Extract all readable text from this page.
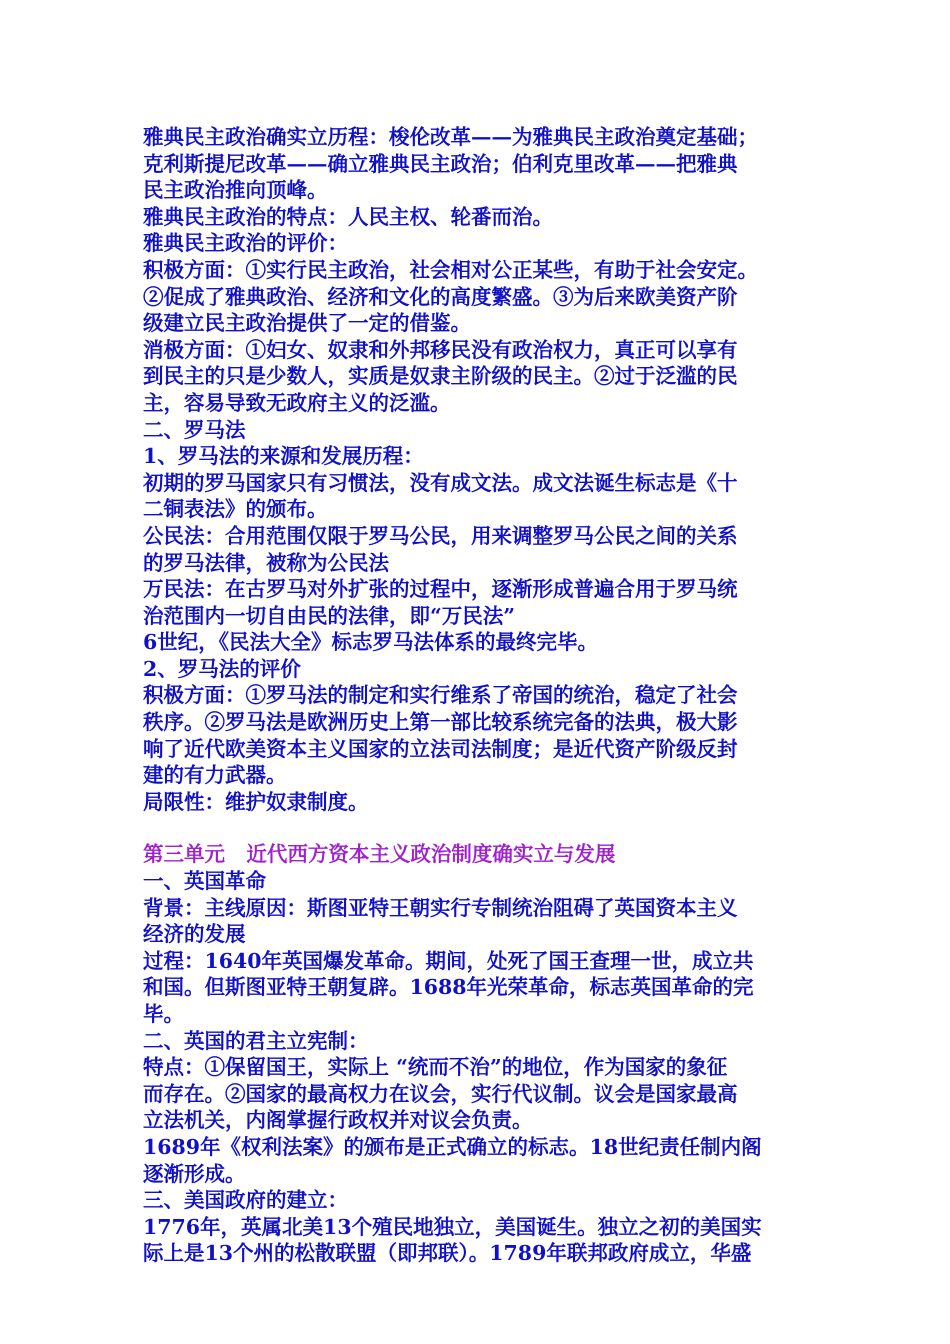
雅典民主政治确实立历程：梭伦改革——为雅典民主政治奠定基础；

克利斯提尼改革——确立雅典民主政治；伯利克里改革——把雅典

民主政治推向顶峰。

雅典民主政治的特点：人民主权、轮番而治。

雅典民主政治的评价：

积极方面：①实行民主政治，社会相对公正某些，有助于社会安定。

②促成了雅典政治、经济和文化的高度繁盛。③为后来欧美资产阶

级建立民主政治提供了一定的借鉴。

消极方面：①妇女、奴隶和外邦移民没有政治权力，真正可以享有

到民主的只是少数人，实质是奴隶主阶级的民主。②过于泛滥的民

主，容易导致无政府主义的泛滥。

二、罗马法

1、罗马法的来源和发展历程：

初期的罗马国家只有习惯法，没有成文法。成文法诞生标志是《十

二铜表法》的颁布。

公民法：合用范围仅限于罗马公民，用来调整罗马公民之间的关系

的罗马法律，被称为公民法

万民法：在古罗马对外扩张的过程中，逐渐形成普遍合用于罗马统

治范围内一切自由民的法律，即“万民法”

6世纪，《民法大全》标志罗马法体系的最终完毕。

2、罗马法的评价

积极方面：①罗马法的制定和实行维系了帝国的统治，稳定了社会

秩序。②罗马法是欧洲历史上第一部比较系统完备的法典，极大影

响了近代欧美资本主义国家的立法司法制度；是近代资产阶级反封

建的有力武器。

局限性：维护奴隶制度。

第三单元   近代西方资本主义政治制度确实立与发展

一、英国革命

背景：主线原因：斯图亚特王朝实行专制统治阻碍了英国资本主义

经济的发展

过程：1640年英国爆发革命。期间，处死了国王查理一世，成立共

和国。但斯图亚特王朝复辟。1688年光荣革命，标志英国革命的完

毕。

二、英国的君主立宪制：

特点：①保留国王，实际上 “统而不治”的地位，作为国家的象征

而存在。②国家的最高权力在议会，实行代议制。议会是国家最高

立法机关，内阁掌握行政权并对议会负责。

1689年《权利法案》的颁布是正式确立的标志。18世纪责任制内阁

逐渐形成。

三、美国政府的建立：

1776年，英属北美13个殖民地独立，美国诞生。独立之初的美国实

际上是13个州的松散联盟（即邦联）。1789年联邦政府成立，华盛
